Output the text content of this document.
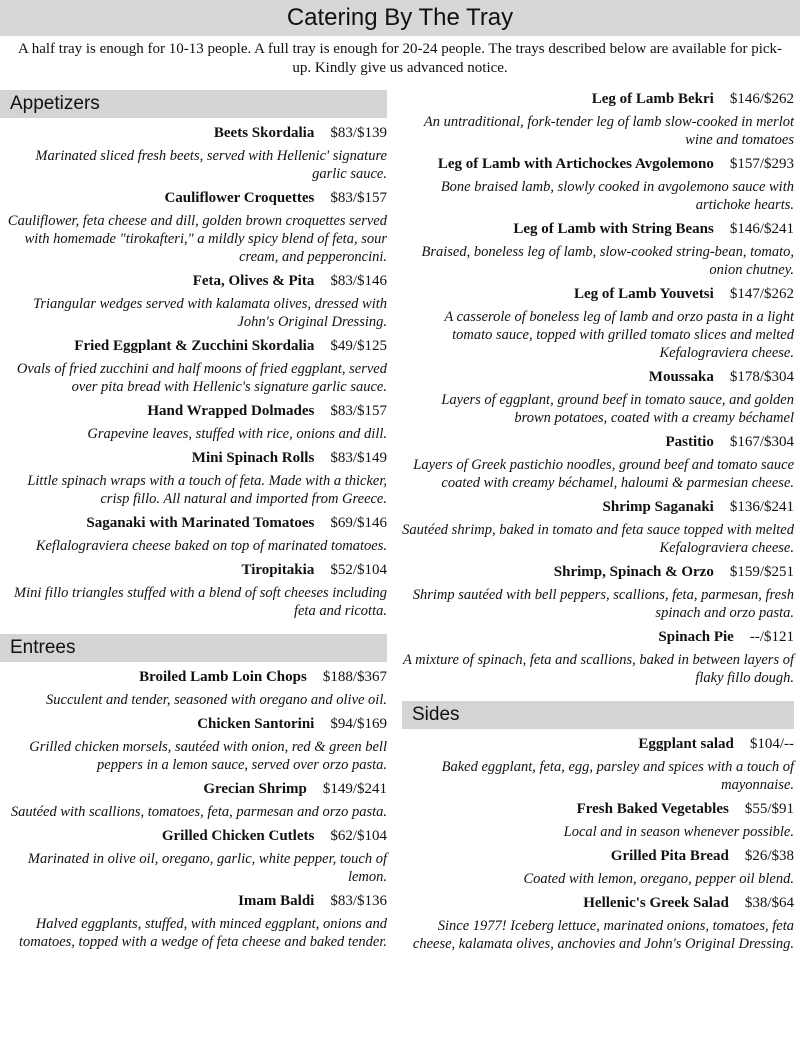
Catering By The Tray
A half tray is enough for 10-13 people. A full tray is enough for 20-24 people. The trays described below are available for pick-up. Kindly give us advanced notice.
Appetizers
Beets Skordalia $83/$139
Marinated sliced fresh beets, served with Hellenic' signature garlic sauce.
Cauliflower Croquettes $83/$157
Cauliflower, feta cheese and dill, golden brown croquettes served with homemade "tirokafteri," a mildly spicy blend of feta, sour cream, and pepperoncini.
Feta, Olives & Pita $83/$146
Triangular wedges served with kalamata olives, dressed with John's Original Dressing.
Fried Eggplant & Zucchini Skordalia $49/$125
Ovals of fried zucchini and half moons of fried eggplant, served over pita bread with Hellenic's signature garlic sauce.
Hand Wrapped Dolmades $83/$157
Grapevine leaves, stuffed with rice, onions and dill.
Mini Spinach Rolls $83/$149
Little spinach wraps with a touch of feta. Made with a thicker, crisp fillo. All natural and imported from Greece.
Saganaki with Marinated Tomatoes $69/$146
Keflalograviera cheese baked on top of marinated tomatoes.
Tiropitakia $52/$104
Mini fillo triangles stuffed with a blend of soft cheeses including feta and ricotta.
Entrees
Broiled Lamb Loin Chops $188/$367
Succulent and tender, seasoned with oregano and olive oil.
Chicken Santorini $94/$169
Grilled chicken morsels, sautéed with onion, red & green bell peppers in a lemon sauce, served over orzo pasta.
Grecian Shrimp $149/$241
Sautéed with scallions, tomatoes, feta, parmesan and orzo pasta.
Grilled Chicken Cutlets $62/$104
Marinated in olive oil, oregano, garlic, white pepper, touch of lemon.
Imam Baldi $83/$136
Halved eggplants, stuffed, with minced eggplant, onions and tomatoes, topped with a wedge of feta cheese and baked tender.
Leg of Lamb Bekri $146/$262
An untraditional, fork-tender leg of lamb slow-cooked in merlot wine and tomatoes
Leg of Lamb with Artichockes Avgolemono $157/$293
Bone braised lamb, slowly cooked in avgolemono sauce with artichoke hearts.
Leg of Lamb with String Beans $146/$241
Braised, boneless leg of lamb, slow-cooked string-bean, tomato, onion chutney.
Leg of Lamb Youvetsi $147/$262
A casserole of boneless leg of lamb and orzo pasta in a light tomato sauce, topped with grilled tomato slices and melted Kefalograviera cheese.
Moussaka $178/$304
Layers of eggplant, ground beef in tomato sauce, and golden brown potatoes, coated with a creamy béchamel
Pastitio $167/$304
Layers of Greek pastichio noodles, ground beef and tomato sauce coated with creamy béchamel, haloumi & parmesian cheese.
Shrimp Saganaki $136/$241
Sautéed shrimp, baked in tomato and feta sauce topped with melted Kefalograviera cheese.
Shrimp, Spinach & Orzo $159/$251
Shrimp sautéed with bell peppers, scallions, feta, parmesan, fresh spinach and orzo pasta.
Spinach Pie --/$121
A mixture of spinach, feta and scallions, baked in between layers of flaky fillo dough.
Sides
Eggplant salad $104/--
Baked eggplant, feta, egg, parsley and spices with a touch of mayonnaise.
Fresh Baked Vegetables $55/$91
Local and in season whenever possible.
Grilled Pita Bread $26/$38
Coated with lemon, oregano, pepper oil blend.
Hellenic's Greek Salad $38/$64
Since 1977! Iceberg lettuce, marinated onions, tomatoes, feta cheese, kalamata olives, anchovies and John's Original Dressing.
